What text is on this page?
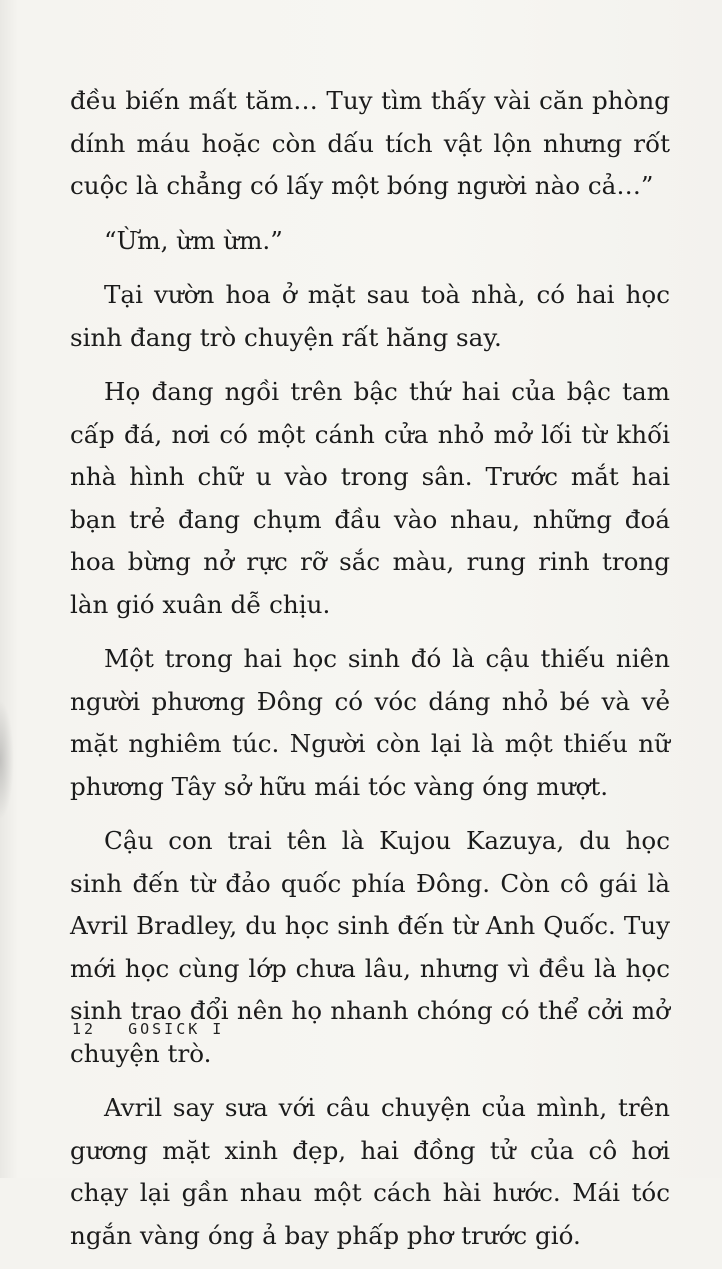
đều biến mất tăm… Tuy tìm thấy vài căn phòng dính máu hoặc còn dấu tích vật lộn nhưng rốt cuộc là chẳng có lấy một bóng người nào cả…”

“Ừm, ừm ừm.”

Tại vườn hoa ở mặt sau toà nhà, có hai học sinh đang trò chuyện rất hăng say.

Họ đang ngồi trên bậc thứ hai của bậc tam cấp đá, nơi có một cánh cửa nhỏ mở lối từ khối nhà hình chữ u vào trong sân. Trước mắt hai bạn trẻ đang chụm đầu vào nhau, những đoá hoa bừng nở rực rỡ sắc màu, rung rinh trong làn gió xuân dễ chịu.

Một trong hai học sinh đó là cậu thiếu niên người phương Đông có vóc dáng nhỏ bé và vẻ mặt nghiêm túc. Người còn lại là một thiếu nữ phương Tây sở hữu mái tóc vàng óng mượt.

Cậu con trai tên là Kujou Kazuya, du học sinh đến từ đảo quốc phía Đông. Còn cô gái là Avril Bradley, du học sinh đến từ Anh Quốc. Tuy mới học cùng lớp chưa lâu, nhưng vì đều là học sinh trao đổi nên họ nhanh chóng có thể cởi mở chuyện trò.

Avril say sưa với câu chuyện của mình, trên gương mặt xinh đẹp, hai đồng tử của cô hơi chạy lại gần nhau một cách hài hước. Mái tóc ngắn vàng óng ả bay phấp phơ trước gió.

12 GOSICK I
